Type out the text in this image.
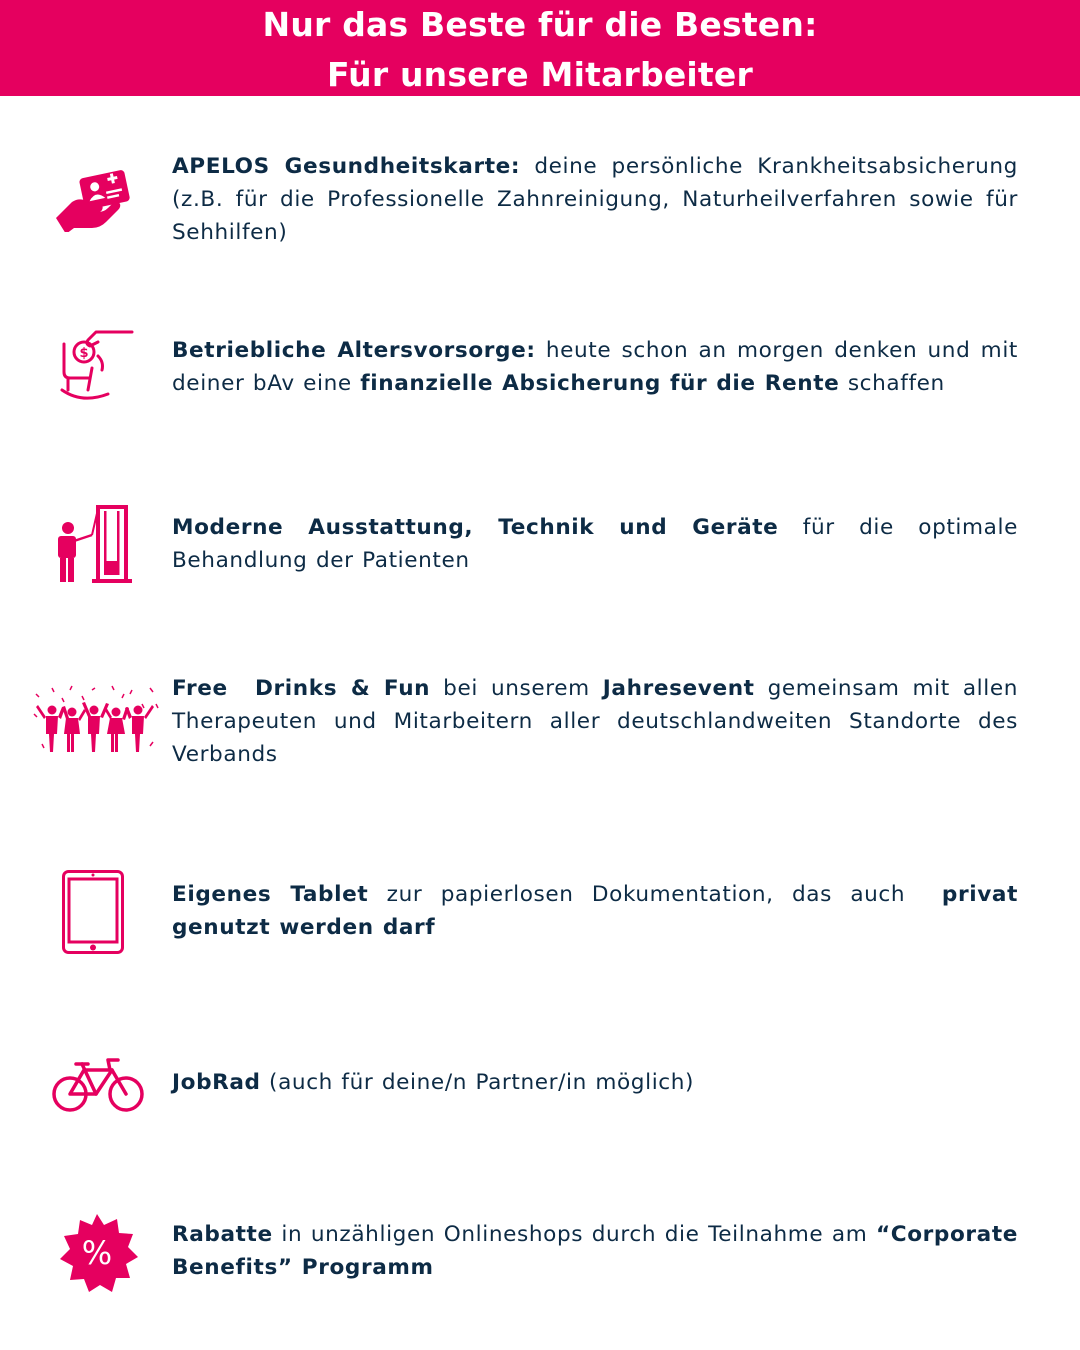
Nur das Beste für die Besten:
Für unsere Mitarbeiter
APELOS Gesundheitskarte: deine persönliche Krankheitsabsicherung (z.B. für die Professionelle Zahnreinigung, Naturheilverfahren sowie für Sehhilfen)
$	Betriebliche Altersvorsorge: heute schon an morgen denken und mit deiner bAv eine finanzielle Absicherung für die Rente schaffen
Moderne Ausstattung, Technik und Geräte für die optimale Behandlung der Patienten
Free  Drinks & Fun bei unserem Jahresevent gemeinsam mit allen Therapeuten und Mitarbeitern aller deutschlandweiten Standorte des Verbands
Eigenes Tablet zur papierlosen Dokumentation, das auch  privat genutzt werden darf
JobRad (auch für deine/n Partner/in möglich)
%	Rabatte in unzähligen Onlineshops durch die Teilnahme am “Corporate Benefits” Programm
